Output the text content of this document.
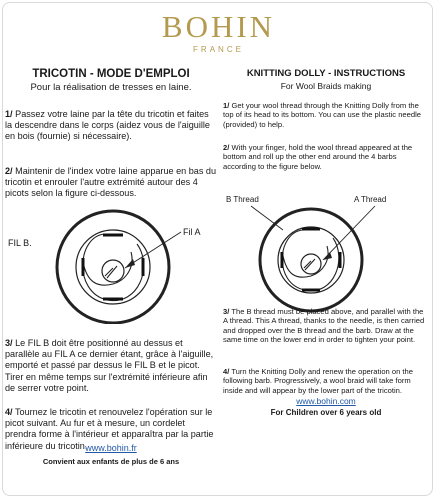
BOHIN
FRANCE
TRICOTIN - MODE D'EMPLOI
Pour la réalisation de tresses en laine.

1/ Passez votre laine par la tête du tricotin et faites la descendre dans le corps (aidez vous de l'aiguille en bois (fournie) si nécessaire).

2/ Maintenir de l'index votre laine apparue en bas du tricotin et enrouler l'autre extrémité autour des 4 picots selon la figure ci-dessous.

FIL B.
Fil A

3/ Le FIL B doit être positionné au dessus et parallèle au FIL A ce dernier étant, grâce à l'aiguille, emporté et passé par dessus le FIL B et le picot. Tirer en même temps sur l'extrémité inférieure afin de serrer votre point.

4/ Tournez le tricotin et renouvelez l'opération sur le picot suivant. Au fur et à mesure, un cordelet prendra forme à l'intérieur et apparaîtra par la partie inférieure du tricotin.

www.bohin.fr
Convient aux enfants de plus de 6 ans
KNITTING DOLLY - INSTRUCTIONS
For Wool Braids making

1/ Get your wool thread through the Knitting Dolly from the top of its head to its bottom. You can use the plastic needle (provided) to help.

2/ With your finger, hold the wool thread appeared at the bottom and roll up the other end around the 4 barbs according to the figure below.

B Thread	A Thread

3/ The B thread must be placed above, and parallel with the A thread. This A thread, thanks to the needle, is then carried and dropped over the B thread and the barb. Draw at the same time on the lower end in order to tighten your point.

4/ Turn the Knitting Dolly and renew the operation on the following barb. Progressively, a wool braid will take form inside and will appear by the lower part of the tricotin.

www.bohin.com
For Children over 6 years old
